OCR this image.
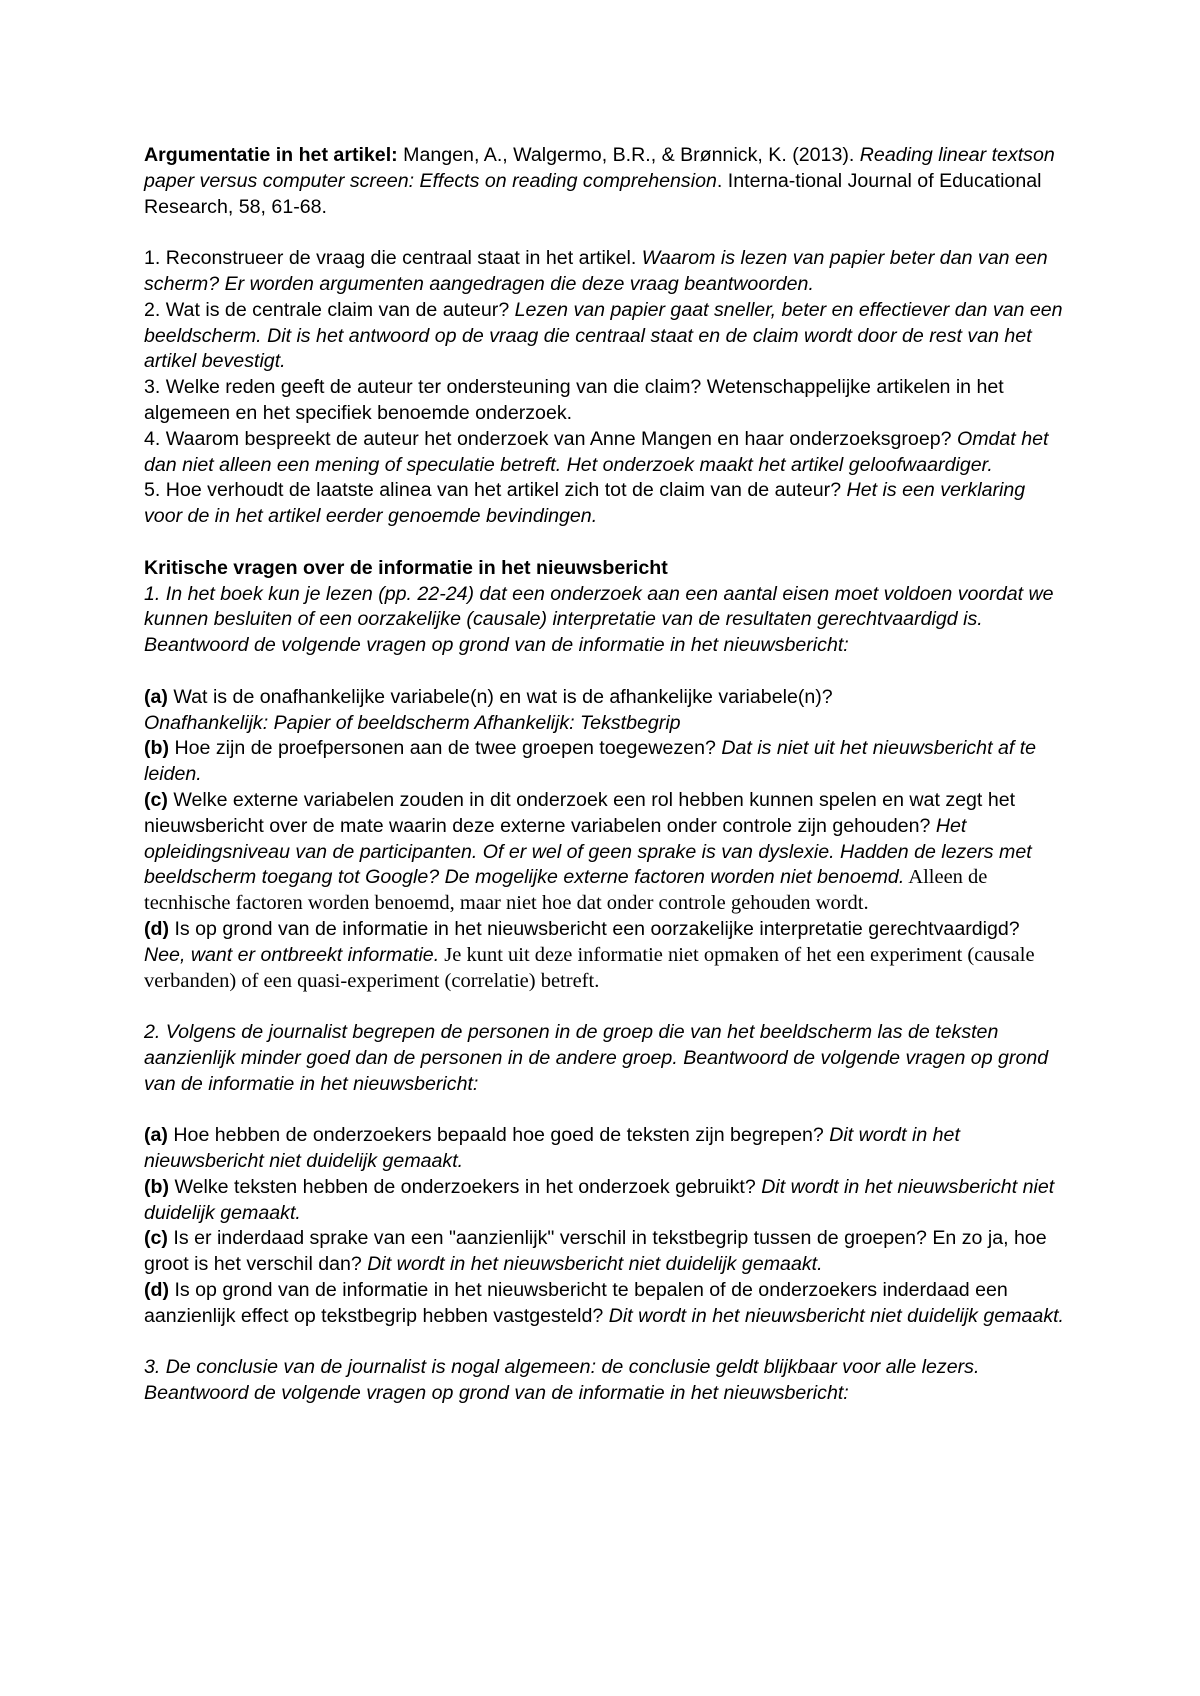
Argumentatie in het artikel: Mangen, A., Walgermo, B.R., & Brønnick, K. (2013). Reading linear textson paper versus computer screen: Effects on reading comprehension. Interna-tional Journal of Educational Research, 58, 61-68.

1. Reconstrueer de vraag die centraal staat in het artikel. Waarom is lezen van papier beter dan van een scherm? Er worden argumenten aangedragen die deze vraag beantwoorden.

2. Wat is de centrale claim van de auteur? Lezen van papier gaat sneller, beter en effectiever dan van een beeldscherm. Dit is het antwoord op de vraag die centraal staat en de claim wordt door de rest van het artikel bevestigt.

3. Welke reden geeft de auteur ter ondersteuning van die claim? Wetenschappelijke artikelen in het algemeen en het specifiek benoemde onderzoek.

4. Waarom bespreekt de auteur het onderzoek van Anne Mangen en haar onderzoeksgroep? Omdat het dan niet alleen een mening of speculatie betreft. Het onderzoek maakt het artikel geloofwaardiger.

5. Hoe verhoudt de laatste alinea van het artikel zich tot de claim van de auteur? Het is een verklaring voor de in het artikel eerder genoemde bevindingen.

Kritische vragen over de informatie in het nieuwsbericht

1. In het boek kun je lezen (pp. 22-24) dat een onderzoek aan een aantal eisen moet voldoen voordat we kunnen besluiten of een oorzakelijke (causale) interpretatie van de resultaten gerechtvaardigd is. Beantwoord de volgende vragen op grond van de informatie in het nieuwsbericht:

(a) Wat is de onafhankelijke variabele(n) en wat is de afhankelijke variabele(n)?

Onafhankelijk: Papier of beeldscherm Afhankelijk: Tekstbegrip

(b) Hoe zijn de proefpersonen aan de twee groepen toegewezen? Dat is niet uit het nieuwsbericht af te leiden.

(c) Welke externe variabelen zouden in dit onderzoek een rol hebben kunnen spelen en wat zegt het nieuwsbericht over de mate waarin deze externe variabelen onder controle zijn gehouden? Het opleidingsniveau van de participanten. Of er wel of geen sprake is van dyslexie. Hadden de lezers met beeldscherm toegang tot Google? De mogelijke externe factoren worden niet benoemd. Alleen de tecnhische factoren worden benoemd, maar niet hoe dat onder controle gehouden wordt.

(d) Is op grond van de informatie in het nieuwsbericht een oorzakelijke interpretatie gerechtvaardigd? Nee, want er ontbreekt informatie. Je kunt uit deze informatie niet opmaken of het een experiment (causale verbanden) of een quasi-experiment (correlatie) betreft.

2. Volgens de journalist begrepen de personen in de groep die van het beeldscherm las de teksten aanzienlijk minder goed dan de personen in de andere groep. Beantwoord de volgende vragen op grond van de informatie in het nieuwsbericht:

(a) Hoe hebben de onderzoekers bepaald hoe goed de teksten zijn begrepen? Dit wordt in het nieuwsbericht niet duidelijk gemaakt.

(b) Welke teksten hebben de onderzoekers in het onderzoek gebruikt? Dit wordt in het nieuwsbericht niet duidelijk gemaakt.

(c) Is er inderdaad sprake van een "aanzienlijk" verschil in tekstbegrip tussen de groepen? En zo ja, hoe groot is het verschil dan? Dit wordt in het nieuwsbericht niet duidelijk gemaakt.

(d) Is op grond van de informatie in het nieuwsbericht te bepalen of de onderzoekers inderdaad een aanzienlijk effect op tekstbegrip hebben vastgesteld? Dit wordt in het nieuwsbericht niet duidelijk gemaakt.

3. De conclusie van de journalist is nogal algemeen: de conclusie geldt blijkbaar voor alle lezers. Beantwoord de volgende vragen op grond van de informatie in het nieuwsbericht:
